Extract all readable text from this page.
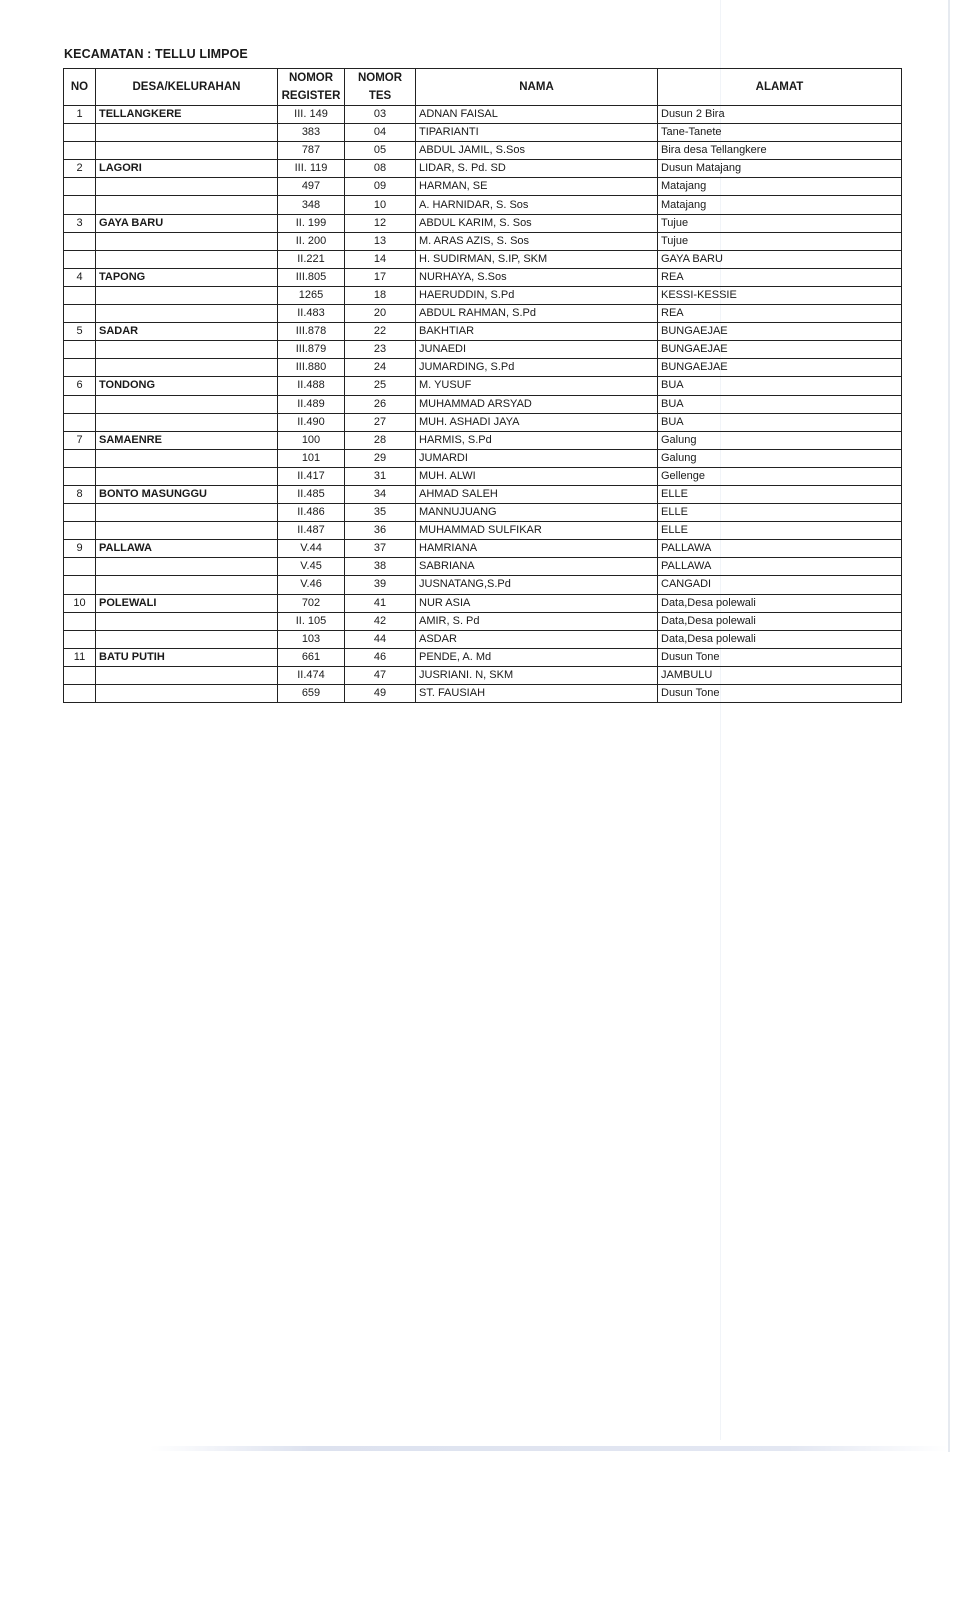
KECAMATAN : TELLU LIMPOE
NO	DESA/KELURAHAN	NOMOR	NOMOR	NAMA	ALAMAT
		REGISTER	TES		
1	TELLANGKERE	III. 149	03	ADNAN FAISAL	Dusun 2 Bira
		383	04	TIPARIANTI	Tane-Tanete
		787	05	ABDUL JAMIL, S.Sos	Bira desa Tellangkere
2	LAGORI	III. 119	08	LIDAR, S. Pd. SD	Dusun Matajang
		497	09	HARMAN, SE	Matajang
		348	10	A. HARNIDAR, S. Sos	Matajang
3	GAYA BARU	II. 199	12	ABDUL KARIM, S. Sos	Tujue
		II. 200	13	M. ARAS AZIS, S. Sos	Tujue
		II.221	14	H. SUDIRMAN, S.IP, SKM	GAYA BARU
4	TAPONG	III.805	17	NURHAYA, S.Sos	REA
		1265	18	HAERUDDIN, S.Pd	KESSI-KESSIE
		II.483	20	ABDUL RAHMAN, S.Pd	REA
5	SADAR	III.878	22	BAKHTIAR	BUNGAEJAE
		III.879	23	JUNAEDI	BUNGAEJAE
		III.880	24	JUMARDING, S.Pd	BUNGAEJAE
6	TONDONG	II.488	25	M. YUSUF	BUA
		II.489	26	MUHAMMAD ARSYAD	BUA
		II.490	27	MUH. ASHADI JAYA	BUA
7	SAMAENRE	100	28	HARMIS, S.Pd	Galung
		101	29	JUMARDI	Galung
		II.417	31	MUH. ALWI	Gellenge
8	BONTO MASUNGGU	II.485	34	AHMAD SALEH	ELLE
		II.486	35	MANNUJUANG	ELLE
		II.487	36	MUHAMMAD SULFIKAR	ELLE
9	PALLAWA	V.44	37	HAMRIANA	PALLAWA
		V.45	38	SABRIANA	PALLAWA
		V.46	39	JUSNATANG,S.Pd	CANGADI
10	POLEWALI	702	41	NUR ASIA	Data,Desa polewali
		II. 105	42	AMIR, S. Pd	Data,Desa polewali
		103	44	ASDAR	Data,Desa polewali
11	BATU PUTIH	661	46	PENDE, A. Md	Dusun Tone
		II.474	47	JUSRIANI. N, SKM	JAMBULU
		659	49	ST. FAUSIAH	Dusun Tone
